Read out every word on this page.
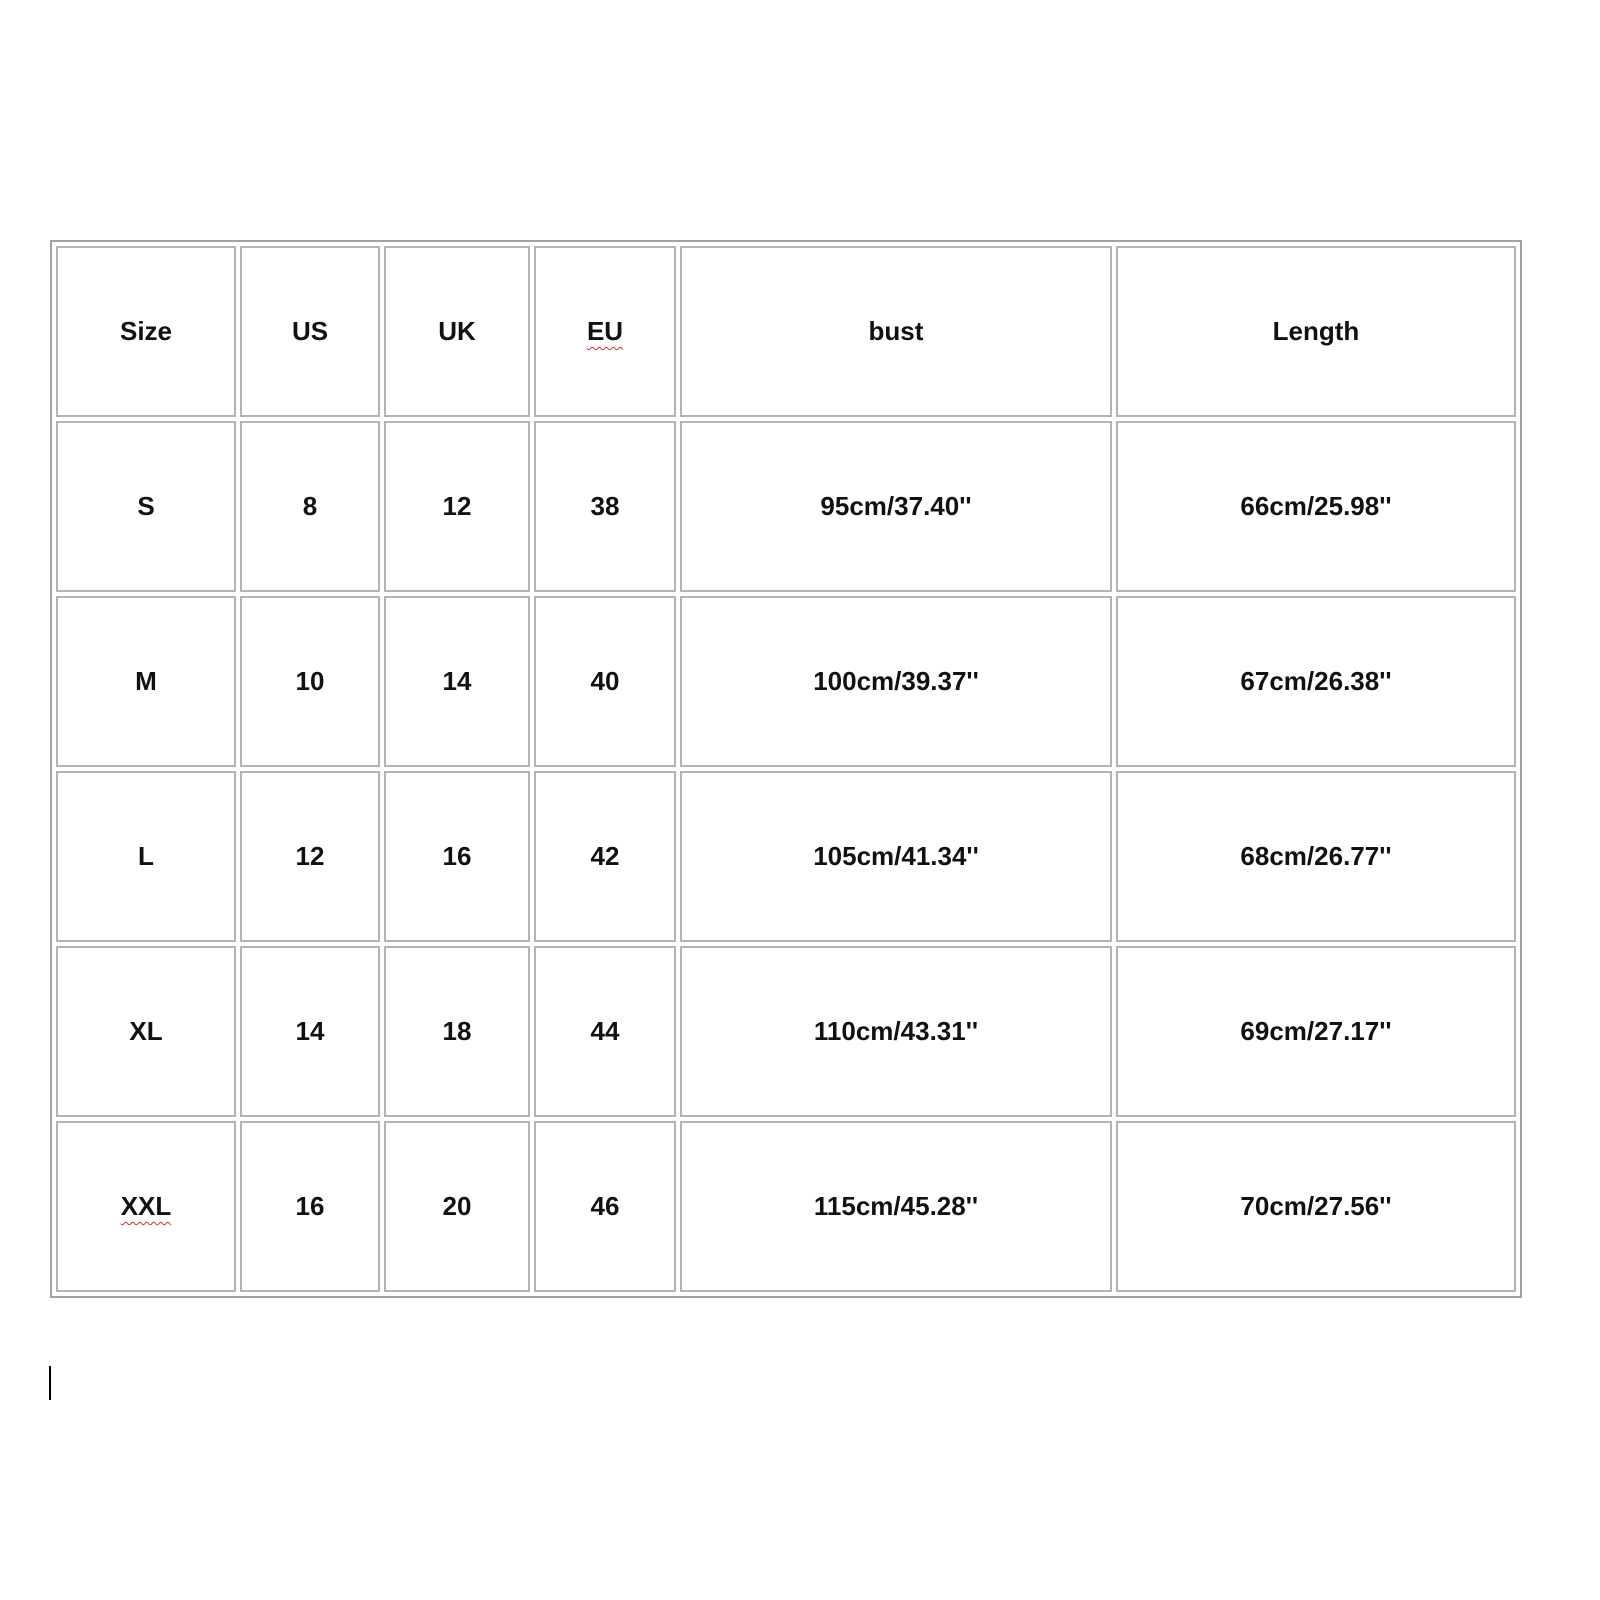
Size	US	UK	EU	bust	Length
S	8	12	38	95cm/37.40''	66cm/25.98''
M	10	14	40	100cm/39.37''	67cm/26.38''
L	12	16	42	105cm/41.34''	68cm/26.77''
XL	14	18	44	110cm/43.31''	69cm/27.17''
XXL	16	20	46	115cm/45.28''	70cm/27.56''
